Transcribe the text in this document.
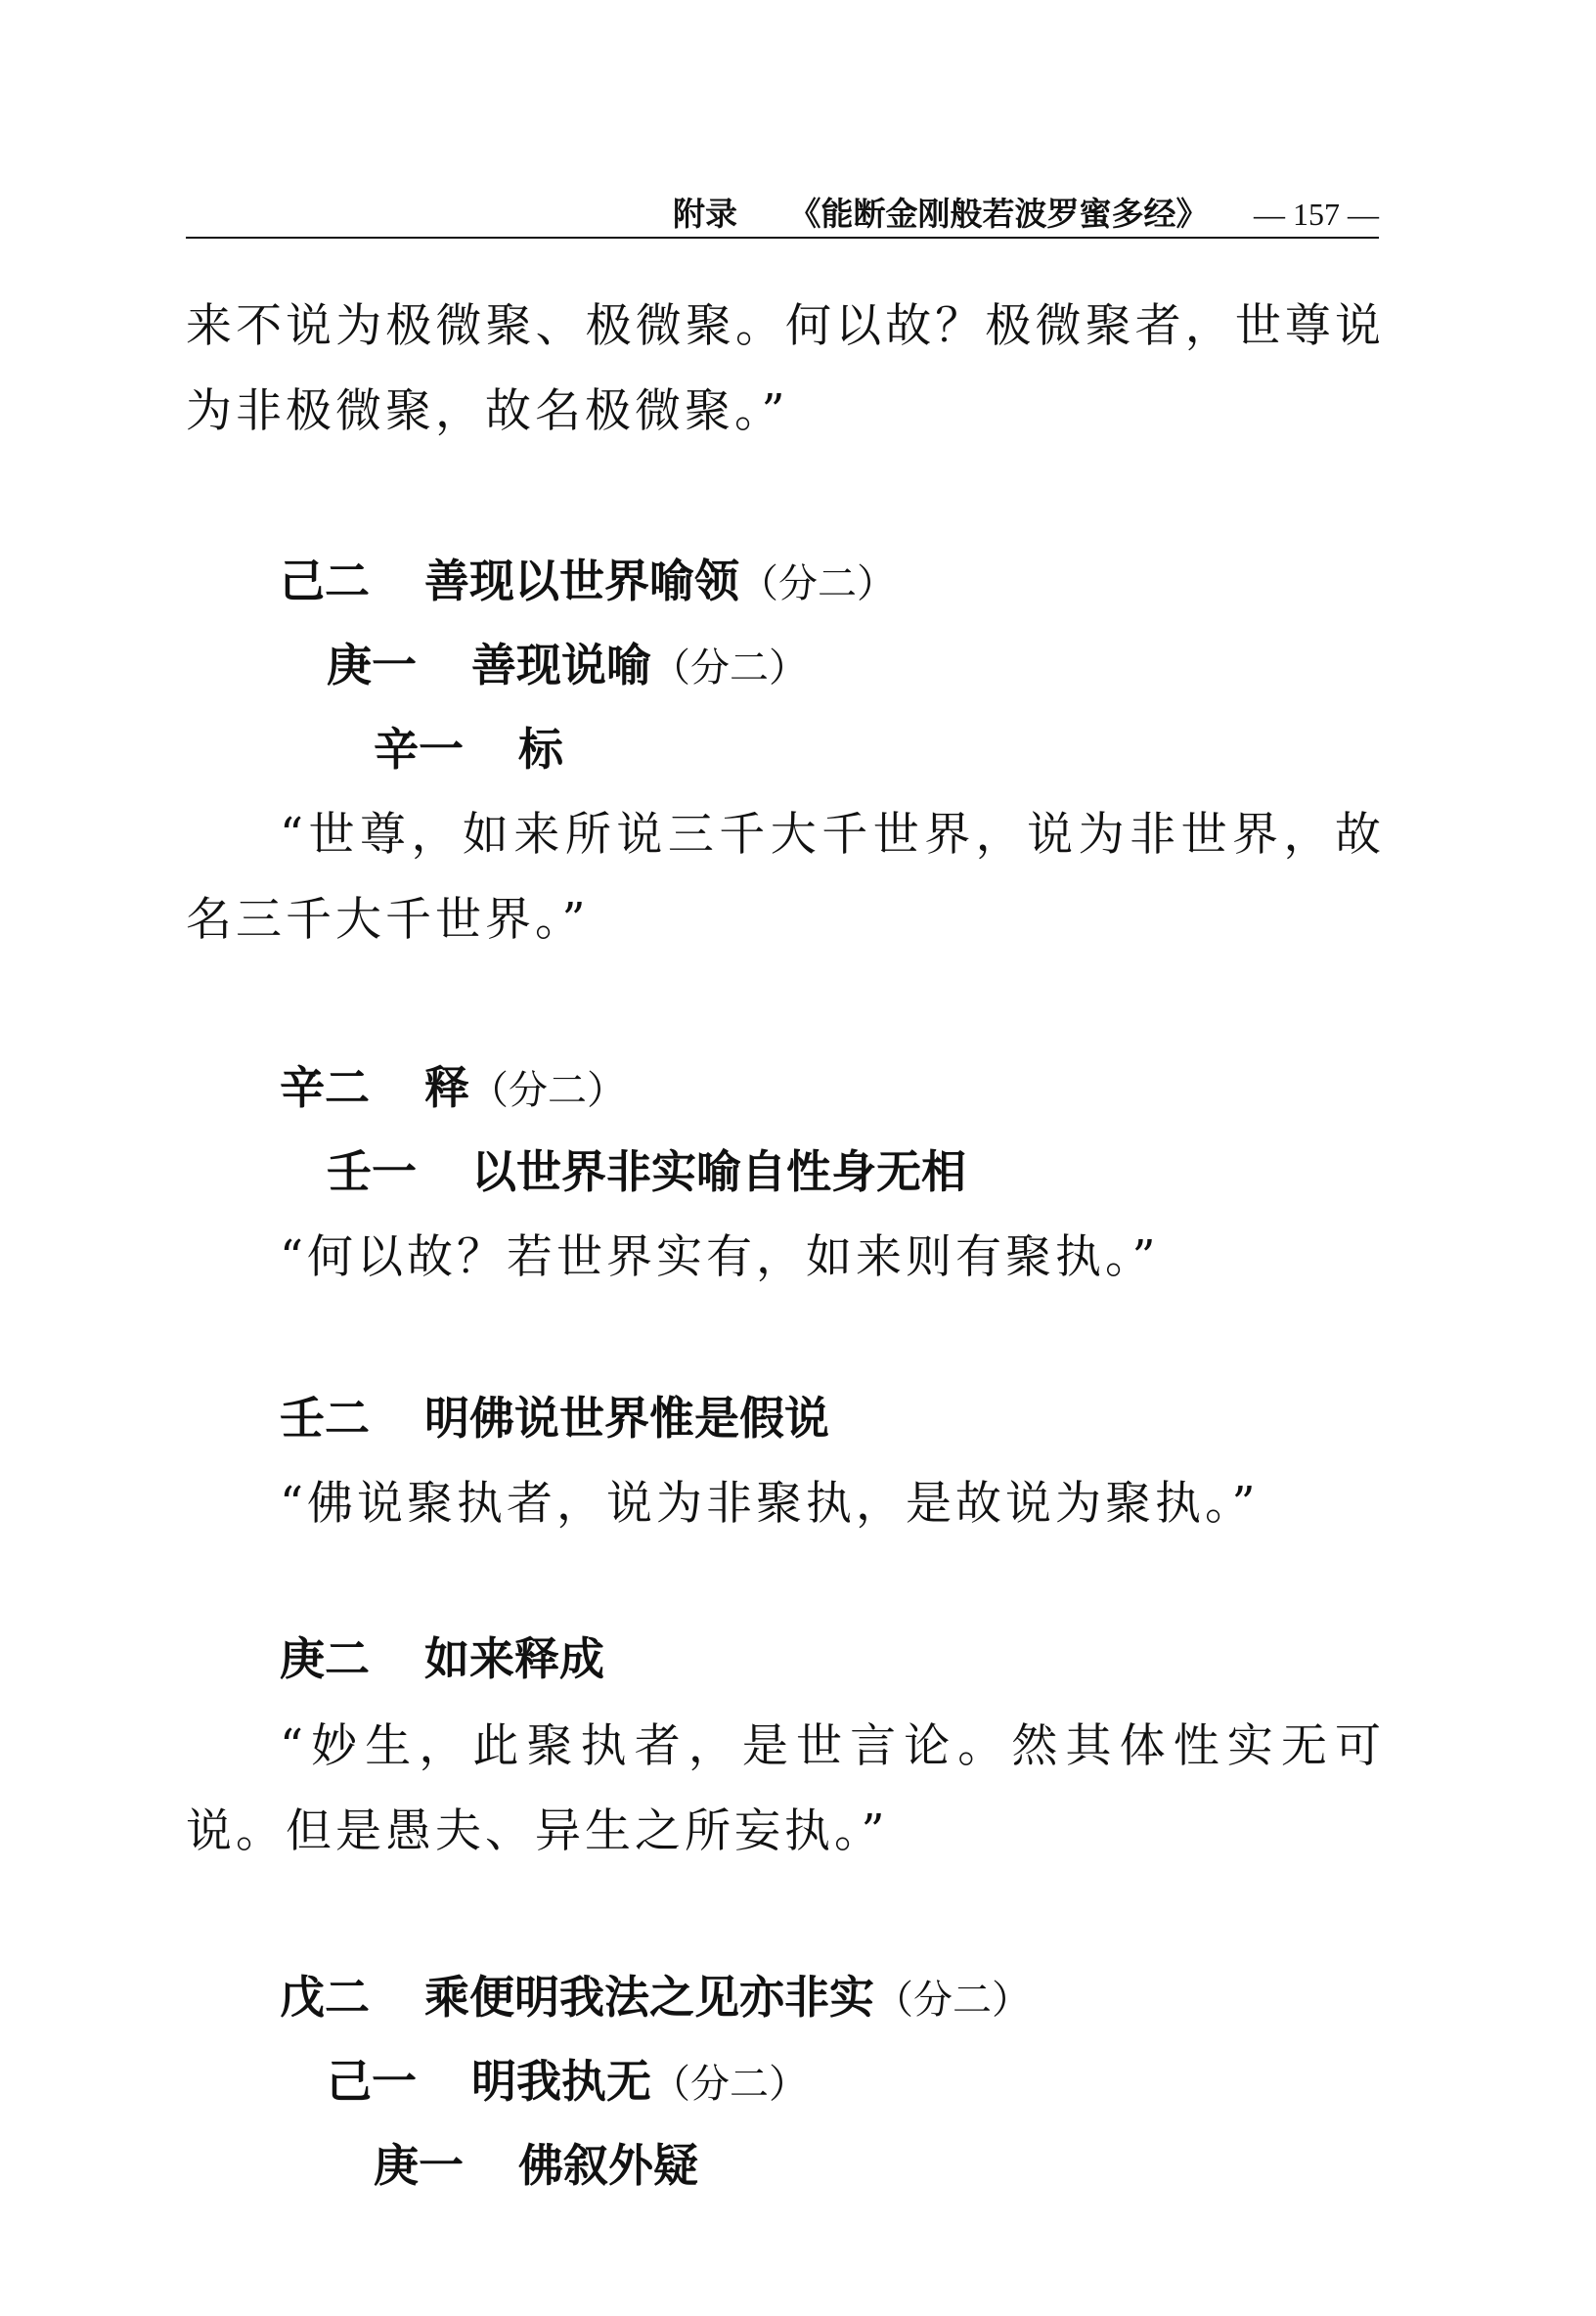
附录 《能断金刚般若波罗蜜多经》 — 157 —
来不说为极微聚、极微聚。何以故？极微聚者，世尊说为非极微聚，故名极微聚。”
己二 善现以世界喻领（分二）
庚一 善现说喻（分二）
辛一 标
“世尊，如来所说三千大千世界，说为非世界，故名三千大千世界。”
辛二 释（分二）
壬一 以世界非实喻自性身无相
“何以故？若世界实有，如来则有聚执。”
壬二 明佛说世界惟是假说
“佛说聚执者，说为非聚执，是故说为聚执。”
庚二 如来释成
“妙生，此聚执者，是世言论。然其体性实无可说。但是愚夫、异生之所妄执。”
戊二 乘便明我法之见亦非实（分二）
己一 明我执无（分二）
庚一 佛叙外疑
